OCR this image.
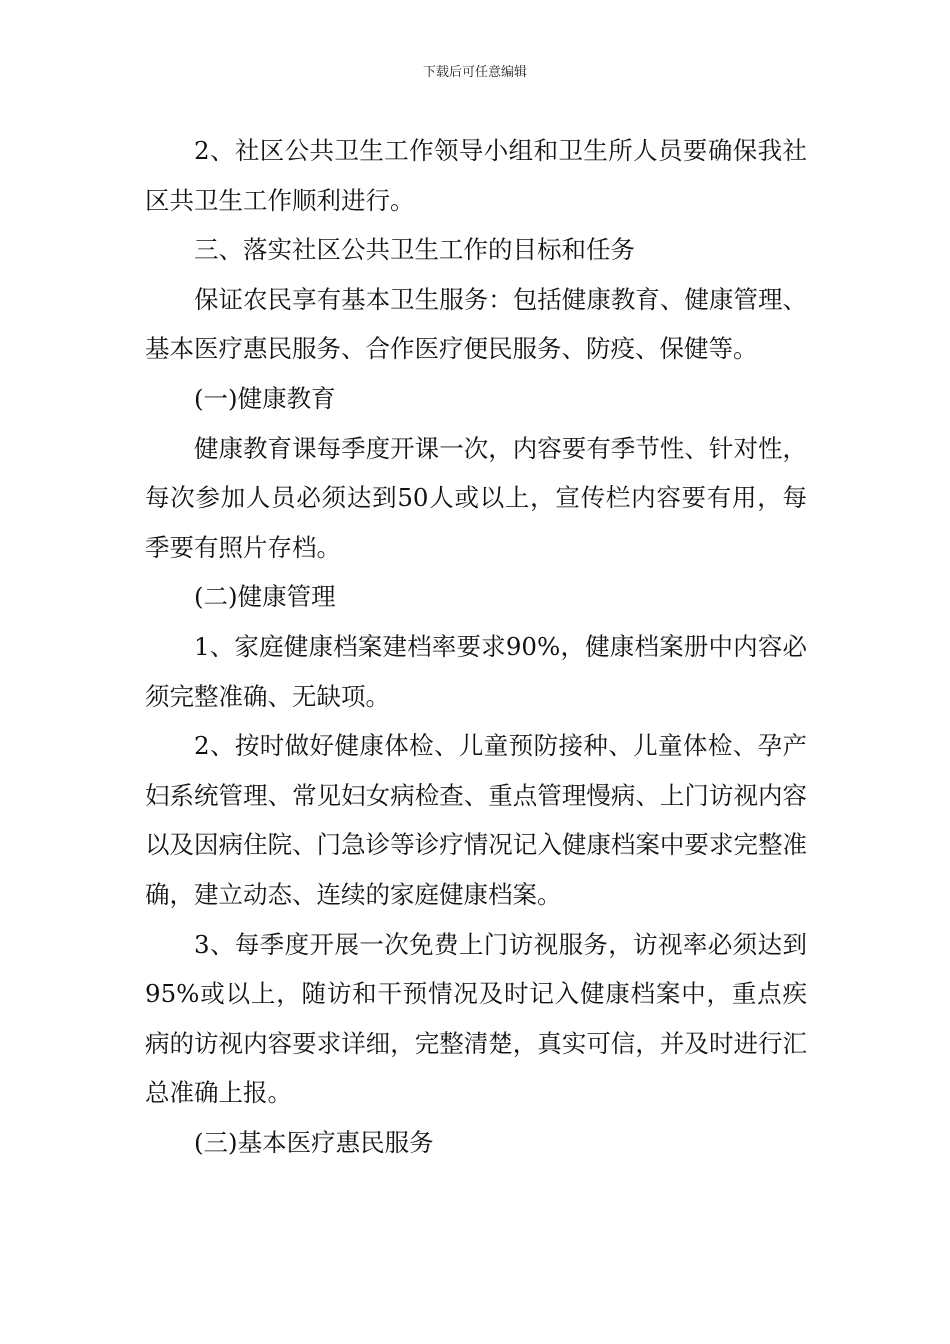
下载后可任意编辑

2、社区公共卫生工作领导小组和卫生所人员要确保我社区共卫生工作顺利进行。

三、落实社区公共卫生工作的目标和任务

保证农民享有基本卫生服务：包括健康教育、健康管理、基本医疗惠民服务、合作医疗便民服务、防疫、保健等。

(一)健康教育

健康教育课每季度开课一次，内容要有季节性、针对性，每次参加人员必须达到50人或以上，宣传栏内容要有用，每季要有照片存档。

(二)健康管理

1、家庭健康档案建档率要求90%，健康档案册中内容必须完整准确、无缺项。

2、按时做好健康体检、儿童预防接种、儿童体检、孕产妇系统管理、常见妇女病检查、重点管理慢病、上门访视内容以及因病住院、门急诊等诊疗情况记入健康档案中要求完整准确，建立动态、连续的家庭健康档案。

3、每季度开展一次免费上门访视服务，访视率必须达到95%或以上，随访和干预情况及时记入健康档案中，重点疾病的访视内容要求详细，完整清楚，真实可信，并及时进行汇总准确上报。

(三)基本医疗惠民服务
